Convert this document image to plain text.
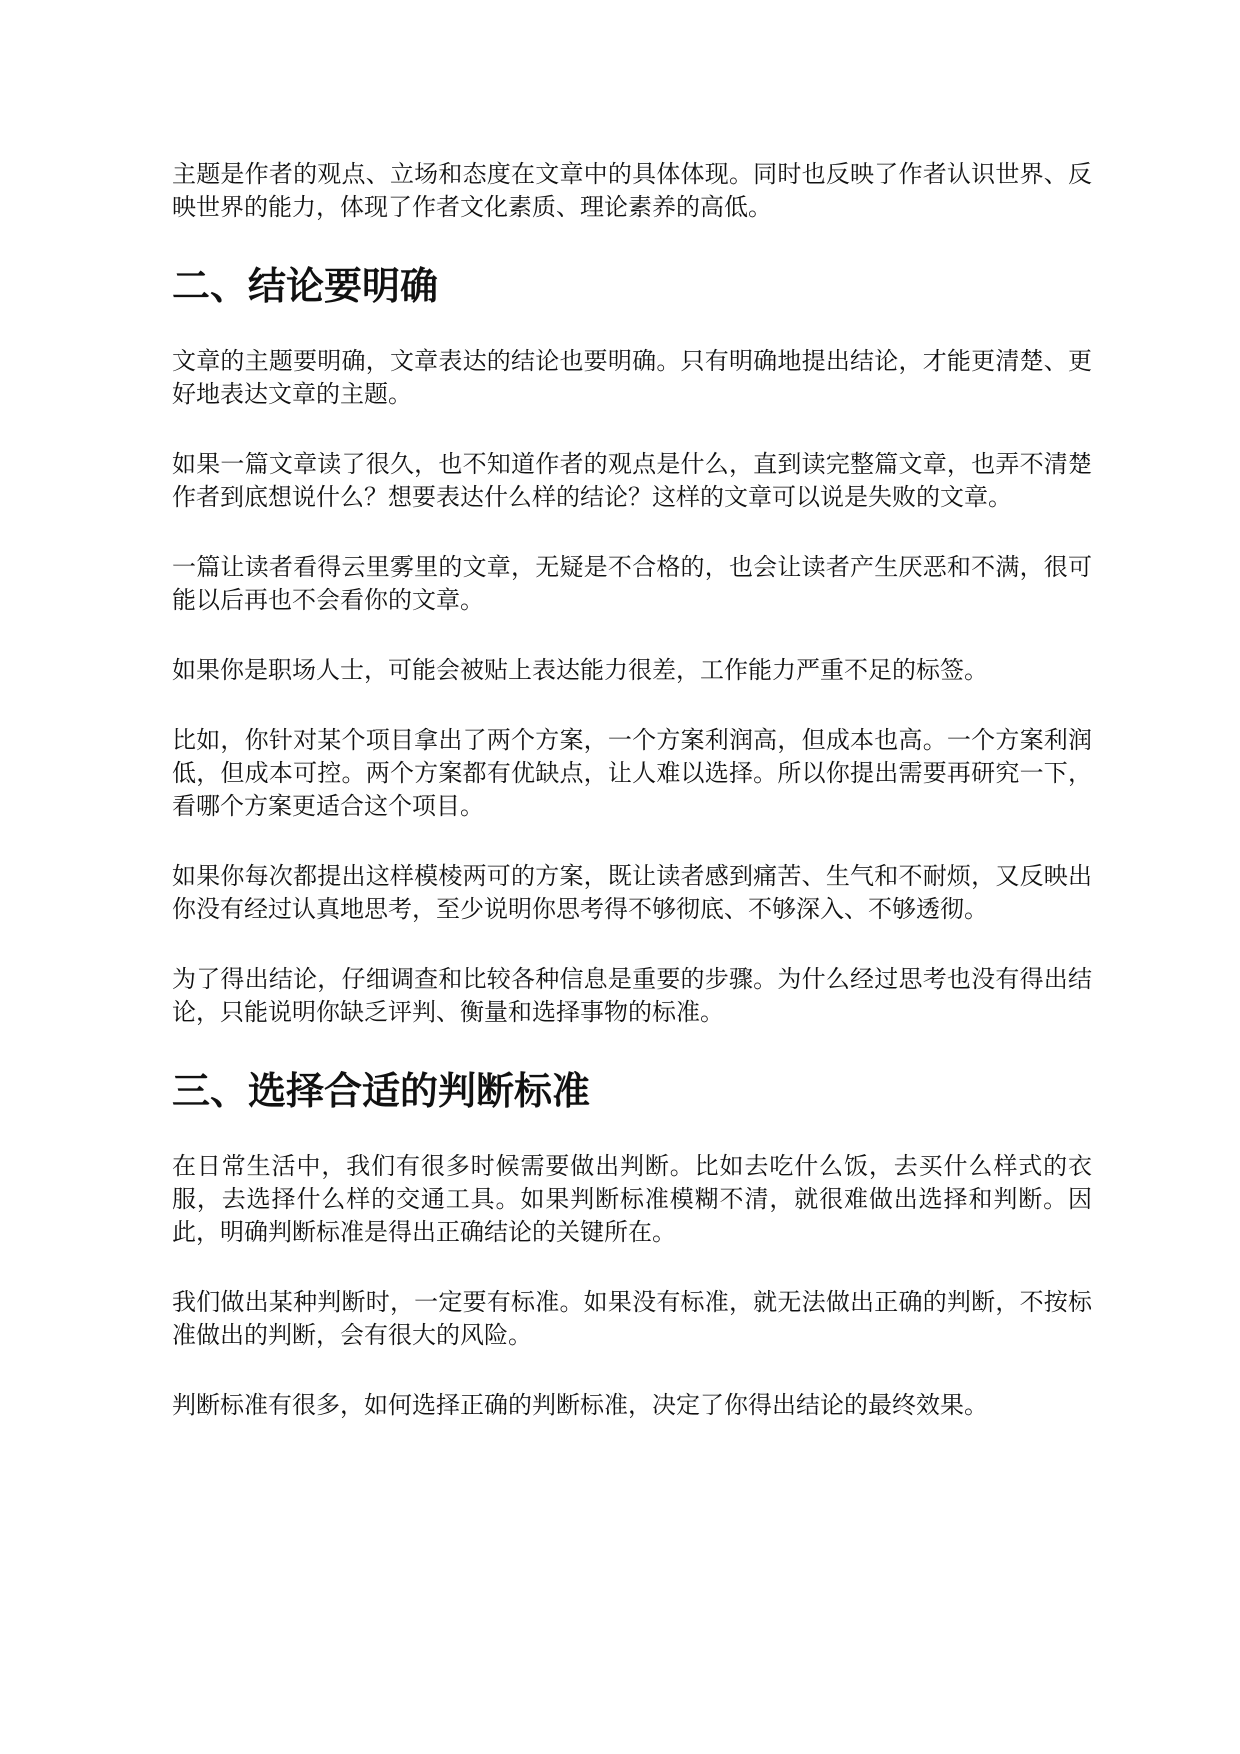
主题是作者的观点、立场和态度在文章中的具体体现。同时也反映了作者认识世界、反映世界的能力，体现了作者文化素质、理论素养的高低。

二、结论要明确

文章的主题要明确，文章表达的结论也要明确。只有明确地提出结论，才能更清楚、更好地表达文章的主题。

如果一篇文章读了很久，也不知道作者的观点是什么，直到读完整篇文章，也弄不清楚作者到底想说什么？想要表达什么样的结论？这样的文章可以说是失败的文章。

一篇让读者看得云里雾里的文章，无疑是不合格的，也会让读者产生厌恶和不满，很可能以后再也不会看你的文章。

如果你是职场人士，可能会被贴上表达能力很差，工作能力严重不足的标签。

比如，你针对某个项目拿出了两个方案，一个方案利润高，但成本也高。一个方案利润低，但成本可控。两个方案都有优缺点，让人难以选择。所以你提出需要再研究一下，看哪个方案更适合这个项目。

如果你每次都提出这样模棱两可的方案，既让读者感到痛苦、生气和不耐烦，又反映出你没有经过认真地思考，至少说明你思考得不够彻底、不够深入、不够透彻。

为了得出结论，仔细调查和比较各种信息是重要的步骤。为什么经过思考也没有得出结论，只能说明你缺乏评判、衡量和选择事物的标准。

三、选择合适的判断标准

在日常生活中，我们有很多时候需要做出判断。比如去吃什么饭，去买什么样式的衣服，去选择什么样的交通工具。如果判断标准模糊不清，就很难做出选择和判断。因此，明确判断标准是得出正确结论的关键所在。

我们做出某种判断时，一定要有标准。如果没有标准，就无法做出正确的判断，不按标准做出的判断，会有很大的风险。

判断标准有很多，如何选择正确的判断标准，决定了你得出结论的最终效果。
